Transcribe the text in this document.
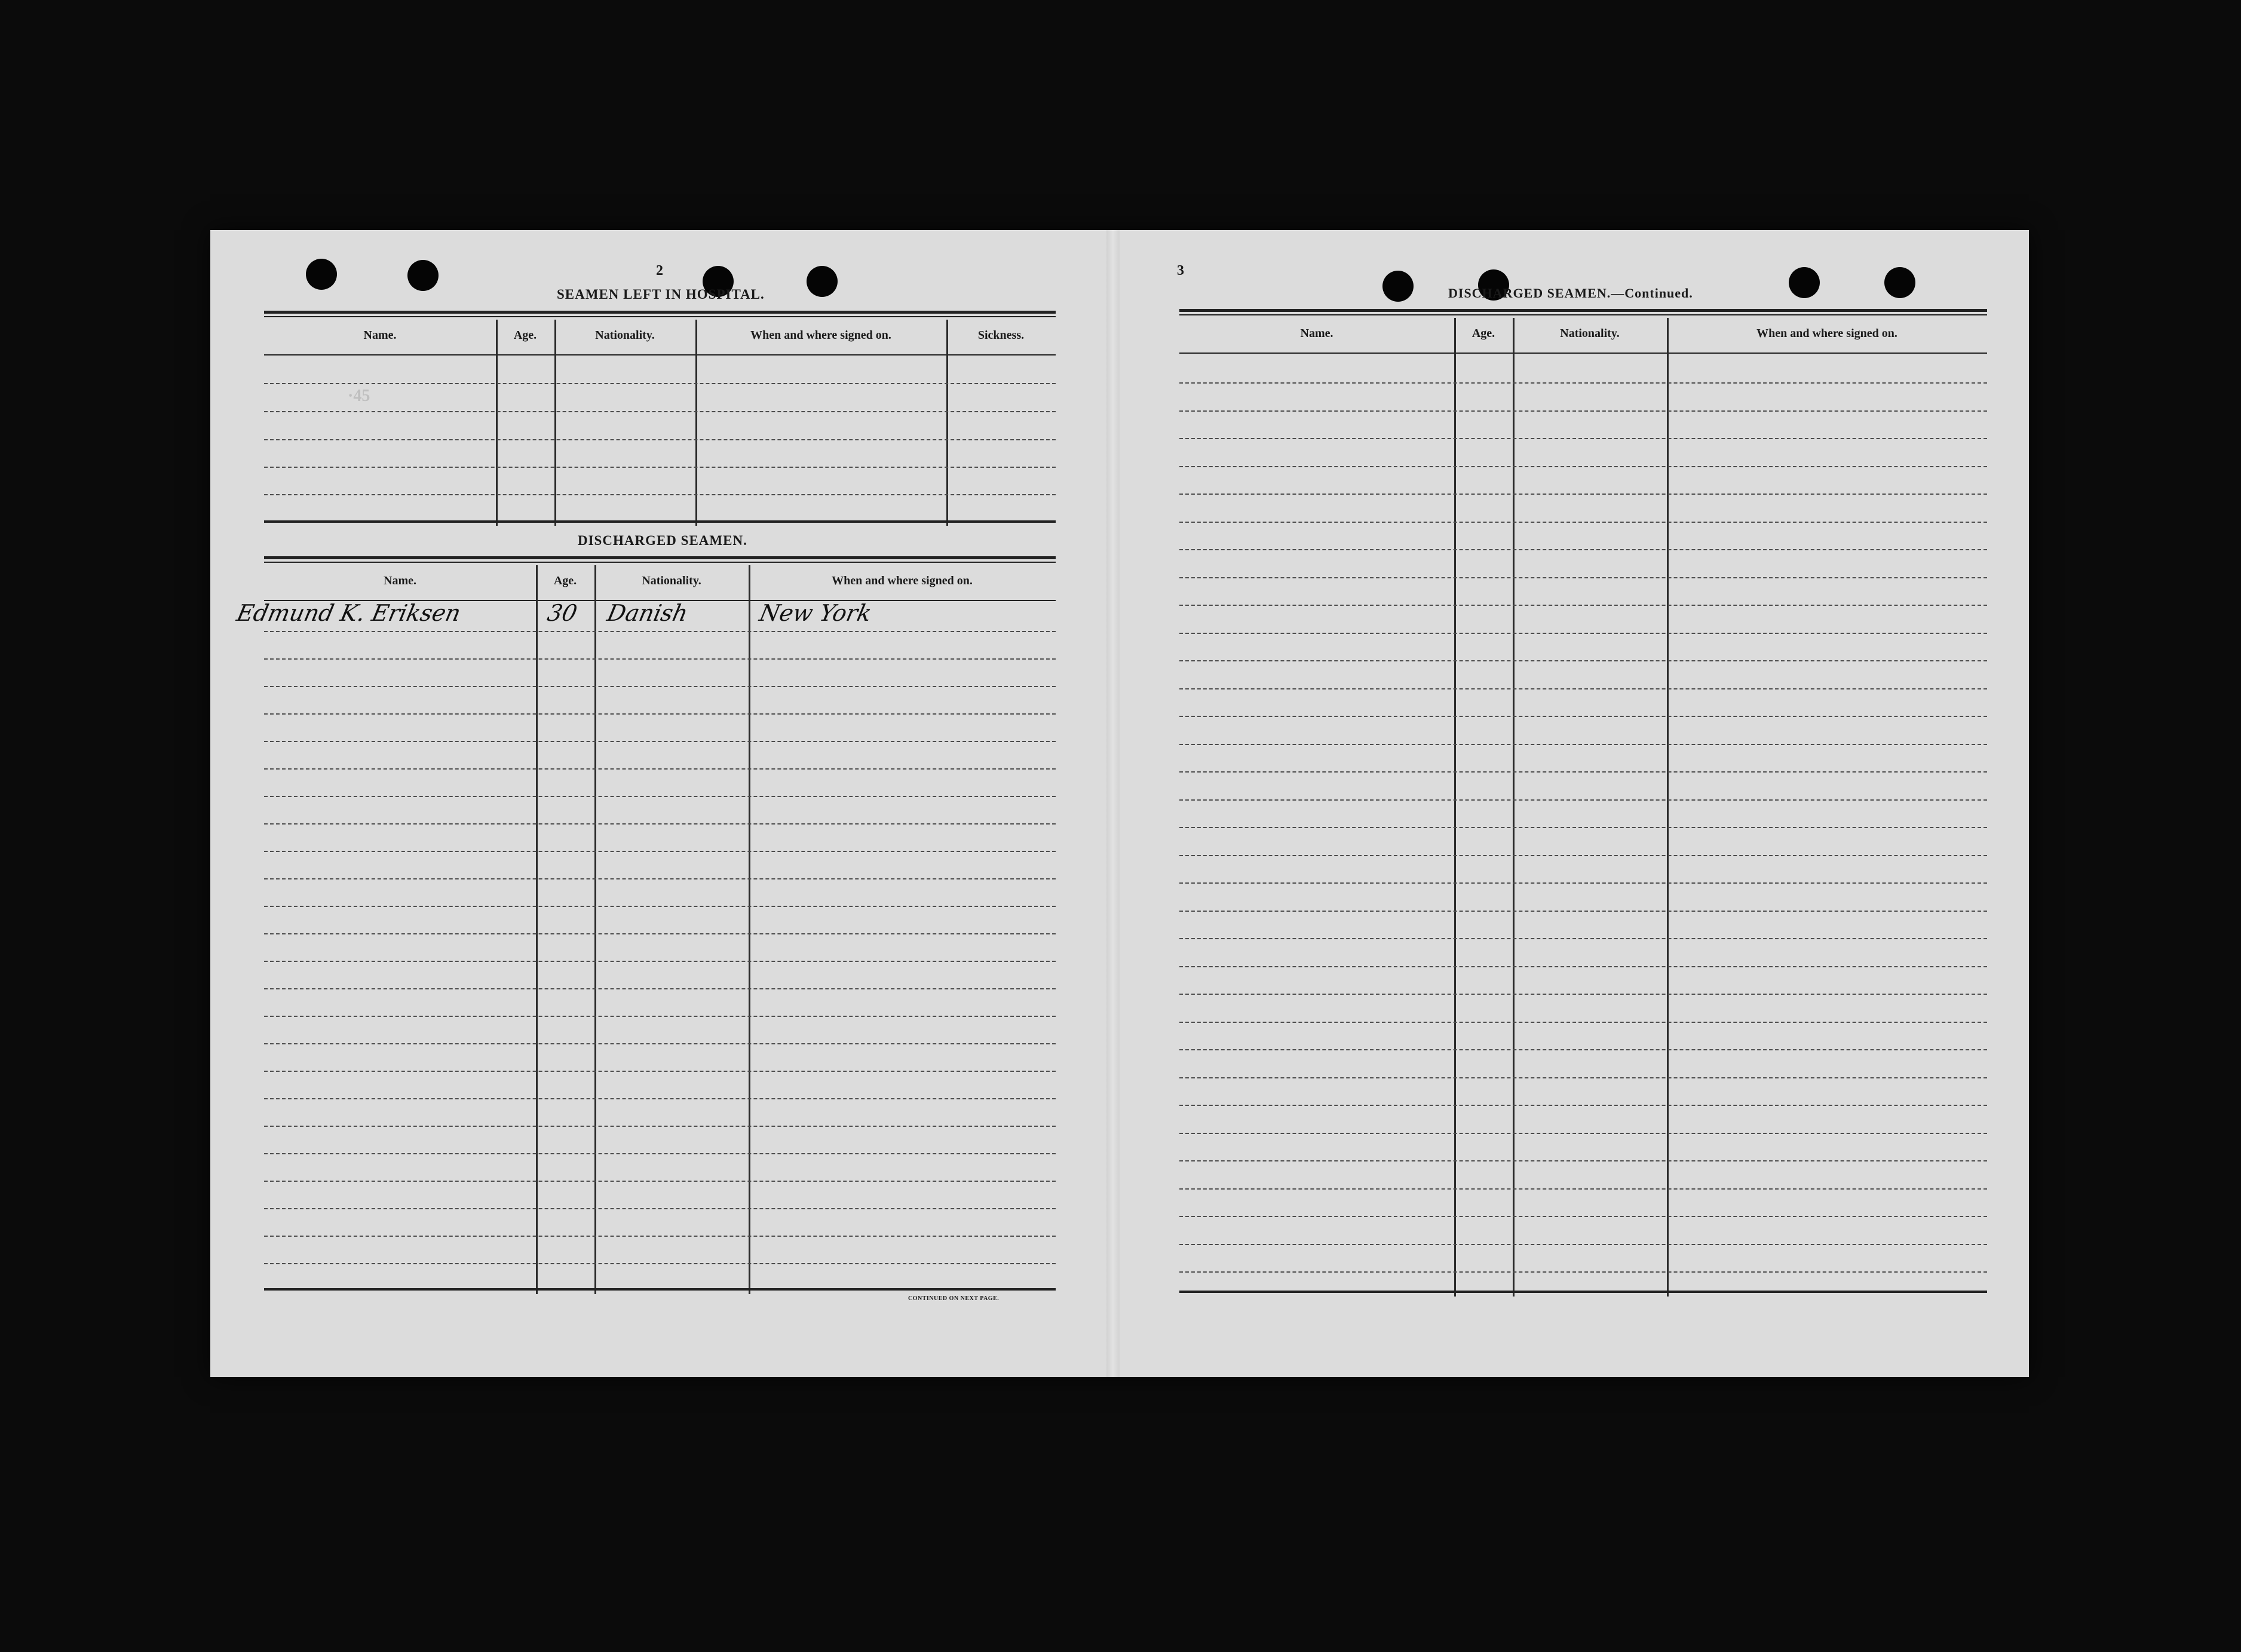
2
SEAMEN LEFT IN HOSPITAL.
Name.	Age.	Nationality.	When and where signed on.	Sickness.
DISCHARGED SEAMEN.
Name.	Age.	Nationality.	When and where signed on.
Edmund K. Eriksen	30 Danish	New York
CONTINUED ON NEXT PAGE.
·45
3
DISCHARGED SEAMEN.—Continued.
Name.	Age.	Nationality.	When and where signed on.
